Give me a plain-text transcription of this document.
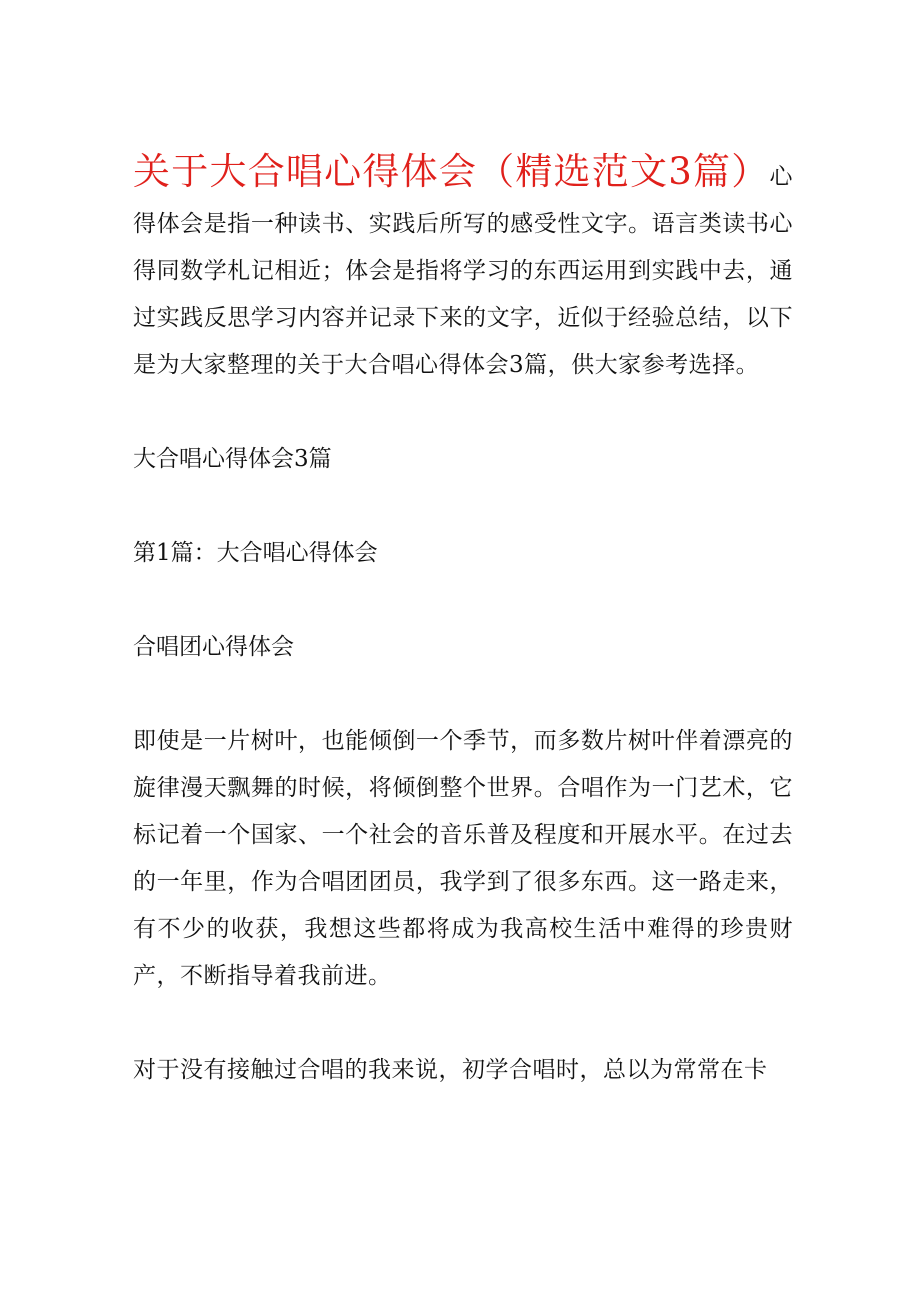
关于大合唱心得体会（精选范文3篇）心得体会是指一种读书、实践后所写的感受性文字。语言类读书心得同数学札记相近；体会是指将学习的东西运用到实践中去，通过实践反思学习内容并记录下来的文字，近似于经验总结，以下是为大家整理的关于大合唱心得体会3篇，供大家参考选择。

大合唱心得体会3篇

第1篇：大合唱心得体会

合唱团心得体会

即使是一片树叶，也能倾倒一个季节，而多数片树叶伴着漂亮的旋律漫天飘舞的时候，将倾倒整个世界。合唱作为一门艺术，它标记着一个国家、一个社会的音乐普及程度和开展水平。在过去的一年里，作为合唱团团员，我学到了很多东西。这一路走来，有不少的收获，我想这些都将成为我高校生活中难得的珍贵财产，不断指导着我前进。

对于没有接触过合唱的我来说，初学合唱时，总以为常常在卡
